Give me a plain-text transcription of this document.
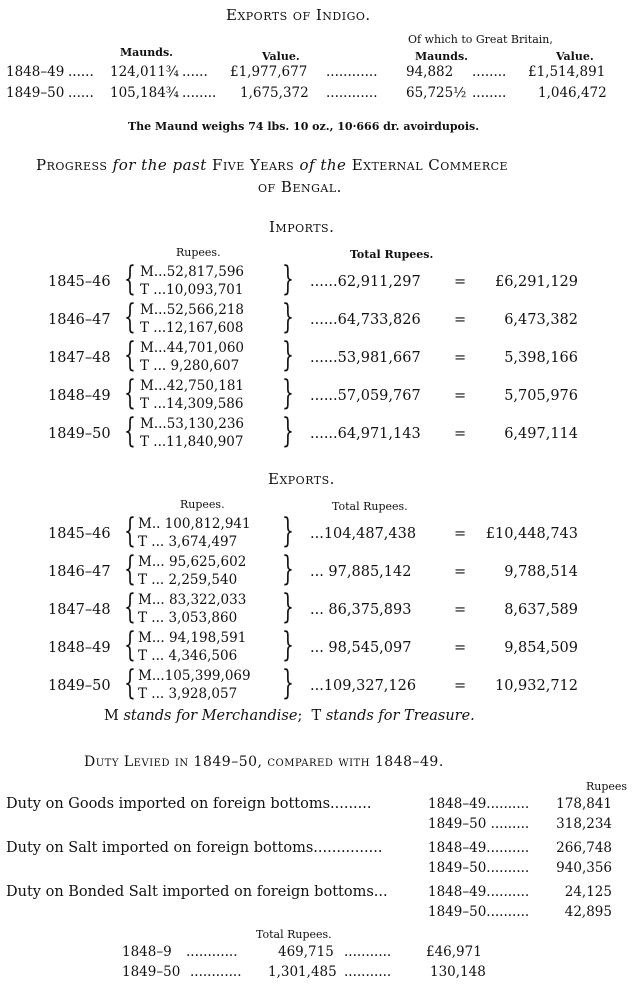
Exports of Indigo.
Of which to Great Britain,
Maunds.	Value.	Maunds.	Value.
1848–49 ...... 124,011¾ ...... £1,977,677 ............ 94,882 ........ £1,514,891
1849–50 ...... 105,184¾ ........ 1,675,372 ............ 65,725½ ........ 1,046,472
The Maund weighs 74 lbs. 10 oz., 10·666 dr. avoirdupois.
Progress for the past Five Years of the External Commerce
of Bengal.
Imports.
Rupees.	Total Rupees.
1845–46 { M...52,817,596
T ...10,093,701 } ......62,911,297 = £6,291,129
1846–47 { M...52,566,218
T ...12,167,608 } ......64,733,826 =	6,473,382
1847–48 { M...44,701,060
T ... 9,280,607 } ......53,981,667 =	5,398,166
1848–49 { M...42,750,181
T ...14,309,586 } ......57,059,767 =	5,705,976
1849–50 { M...53,130,236
T ...11,840,907 } ......64,971,143 =	6,497,114
Exports.
Rupees.	Total Rupees.
1845–46 { M.. 100,812,941
T ... 3,674,497 } ...104,487,438	= £10,448,743
1846–47 { M... 95,625,602
T ... 2,259,540 } ... 97,885,142	=	9,788,514
1847–48 { M... 83,322,033
T ... 3,053,860 } ... 86,375,893	=	8,637,589
1848–49 { M... 94,198,591
T ... 4,346,506 } ... 98,545,097	=	9,854,509
1849–50 { M...105,399,069
T ... 3,928,057 } ...109,327,126	= 10,932,712
M stands for Merchandise; T stands for Treasure.
Duty Levied in 1849–50, compared with 1848–49.
Rupees
Duty on Goods imported on foreign bottoms.........	1848–49.......... 178,841
1849–50 ......... 318,234
Duty on Salt imported on foreign bottoms...............	1848–49.......... 266,748
1849–50.......... 940,356
Duty on Bonded Salt imported on foreign bottoms...	1848–49..........	24,125
1849–50..........	42,895
Total Rupees.
1848–9 ............	469,715 ...........	£46,971
1849–50 ............ 1,301,485 ...........	130,148
